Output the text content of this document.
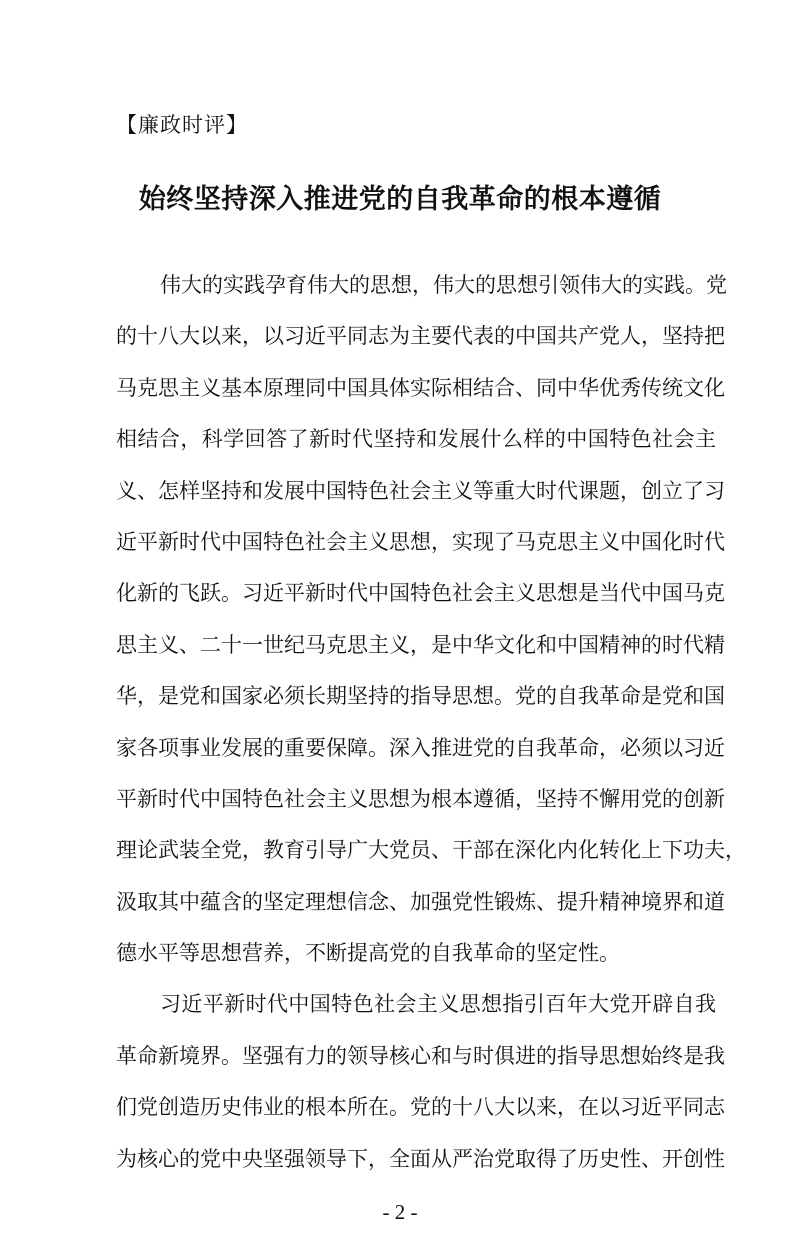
【廉政时评】
始终坚持深入推进党的自我革命的根本遵循
伟大的实践孕育伟大的思想，伟大的思想引领伟大的实践。党
的十八大以来，以习近平同志为主要代表的中国共产党人，坚持把
马克思主义基本原理同中国具体实际相结合、同中华优秀传统文化
相结合，科学回答了新时代坚持和发展什么样的中国特色社会主
义、怎样坚持和发展中国特色社会主义等重大时代课题，创立了习
近平新时代中国特色社会主义思想，实现了马克思主义中国化时代
化新的飞跃。习近平新时代中国特色社会主义思想是当代中国马克
思主义、二十一世纪马克思主义，是中华文化和中国精神的时代精
华，是党和国家必须长期坚持的指导思想。党的自我革命是党和国
家各项事业发展的重要保障。深入推进党的自我革命，必须以习近
平新时代中国特色社会主义思想为根本遵循，坚持不懈用党的创新
理论武装全党，教育引导广大党员、干部在深化内化转化上下功夫，
汲取其中蕴含的坚定理想信念、加强党性锻炼、提升精神境界和道
德水平等思想营养，不断提高党的自我革命的坚定性。
习近平新时代中国特色社会主义思想指引百年大党开辟自我
革命新境界。坚强有力的领导核心和与时俱进的指导思想始终是我
们党创造历史伟业的根本所在。党的十八大以来，在以习近平同志
为核心的党中央坚强领导下，全面从严治党取得了历史性、开创性
- 2 -
